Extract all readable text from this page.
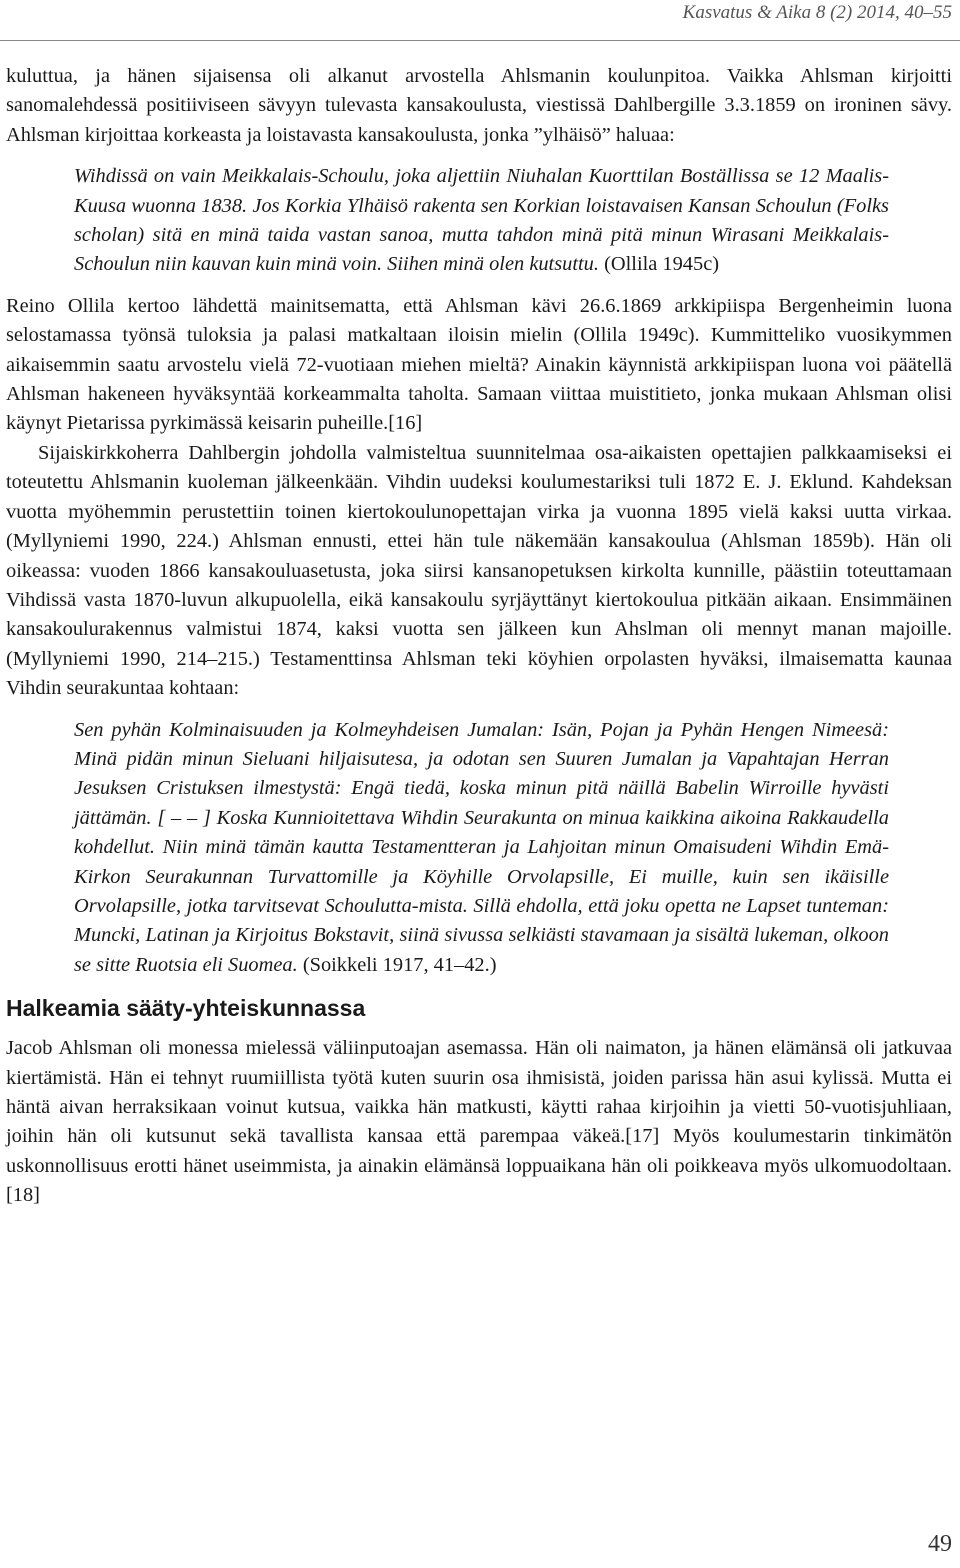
Kasvatus & Aika 8 (2) 2014, 40–55

kuluttua, ja hänen sijaisensa oli alkanut arvostella Ahlsmanin koulunpitoa. Vaikka Ahlsman kirjoitti sanomalehdessä positiiviseen sävyyn tulevasta kansakoulusta, viestissä Dahlbergille 3.3.1859 on ironinen sävy. Ahlsman kirjoittaa korkeasta ja loistavasta kansakoulusta, jonka ”ylhäisö” haluaa:

Wihdissä on vain Meikkalais-Schoulu, joka aljettiin Niuhalan Kuorttilan Boställissa se 12 Maalis-Kuusa wuonna 1838. Jos Korkia Ylhäisö rakenta sen Korkian loistavaisen Kansan Schoulun (Folks scholan) sitä en minä taida vastan sanoa, mutta tahdon minä pitä minun Wirasani Meikkalais-Schoulun niin kauvan kuin minä voin. Siihen minä olen kutsuttu. (Ollila 1945c)

Reino Ollila kertoo lähdettä mainitsematta, että Ahlsman kävi 26.6.1869 arkkipiispa Bergenheimin luona selostamassa työnsä tuloksia ja palasi matkaltaan iloisin mielin (Ollila 1949c). Kummitteliko vuosikymmen aikaisemmin saatu arvostelu vielä 72-vuotiaan miehen mieltä? Ainakin käynnistä arkkipiispan luona voi päätellä Ahlsman hakeneen hyväksyntää korkeammalta taholta. Samaan viittaa muistitieto, jonka mukaan Ahlsman olisi käynyt Pietarissa pyrkimässä keisarin puheille.[16]

Sijaiskirkkoherra Dahlbergin johdolla valmisteltua suunnitelmaa osa-aikaisten opettajien palkkaamiseksi ei toteutettu Ahlsmanin kuoleman jälkeenkään. Vihdin uudeksi koulumestariksi tuli 1872 E. J. Eklund. Kahdeksan vuotta myöhemmin perustettiin toinen kiertokoulunopettajan virka ja vuonna 1895 vielä kaksi uutta virkaa. (Myllyniemi 1990, 224.) Ahlsman ennusti, ettei hän tule näkemään kansakoulua (Ahlsman 1859b). Hän oli oikeassa: vuoden 1866 kansakouluasetusta, joka siirsi kansanopetuksen kirkolta kunnille, päästiin toteuttamaan Vihdissä vasta 1870-luvun alkupuolella, eikä kansakoulu syrjäyttänyt kiertokoulua pitkään aikaan. Ensimmäinen kansakoulurakennus valmistui 1874, kaksi vuotta sen jälkeen kun Ahslman oli mennyt manan majoille. (Myllyniemi 1990, 214–215.) Testamenttinsa Ahlsman teki köyhien orpolasten hyväksi, ilmaisematta kaunaa Vihdin seurakuntaa kohtaan:

Sen pyhän Kolminaisuuden ja Kolmeyhdeisen Jumalan: Isän, Pojan ja Pyhän Hengen Nimeesä: Minä pidän minun Sieluani hiljaisutesa, ja odotan sen Suuren Jumalan ja Vapahtajan Herran Jesuksen Cristuksen ilmestystä: Engä tiedä, koska minun pitä näillä Babelin Wirroille hyvästi jättämän. [ – – ] Koska Kunnioitettava Wihdin Seurakunta on minua kaikkina aikoina Rakkaudella kohdellut. Niin minä tämän kautta Testamentteran ja Lahjoitan minun Omaisudeni Wihdin Emä-Kirkon Seurakunnan Turvattomille ja Köyhille Orvolapsille, Ei muille, kuin sen ikäisille Orvolapsille, jotka tarvitsevat Schoulutta-mista. Sillä ehdolla, että joku opetta ne Lapset tunteman: Muncki, Latinan ja Kirjoitus Bokstavit, siinä sivussa selkiästi stavamaan ja sisältä lukeman, olkoon se sitte Ruotsia eli Suomea. (Soikkeli 1917, 41–42.)

Halkeamia sääty-yhteiskunnassa

Jacob Ahlsman oli monessa mielessä väliinputoajan asemassa. Hän oli naimaton, ja hänen elämänsä oli jatkuvaa kiertämistä. Hän ei tehnyt ruumiillista työtä kuten suurin osa ihmisistä, joiden parissa hän asui kylissä. Mutta ei häntä aivan herraksikaan voinut kutsua, vaikka hän matkusti, käytti rahaa kirjoihin ja vietti 50-vuotisjuhliaan, joihin hän oli kutsunut sekä tavallista kansaa että parempaa väkeä.[17] Myös koulumestarin tinkimätön uskonnollisuus erotti hänet useimmista, ja ainakin elämänsä loppuaikana hän oli poikkeava myös ulkomuodoltaan.[18]

49
